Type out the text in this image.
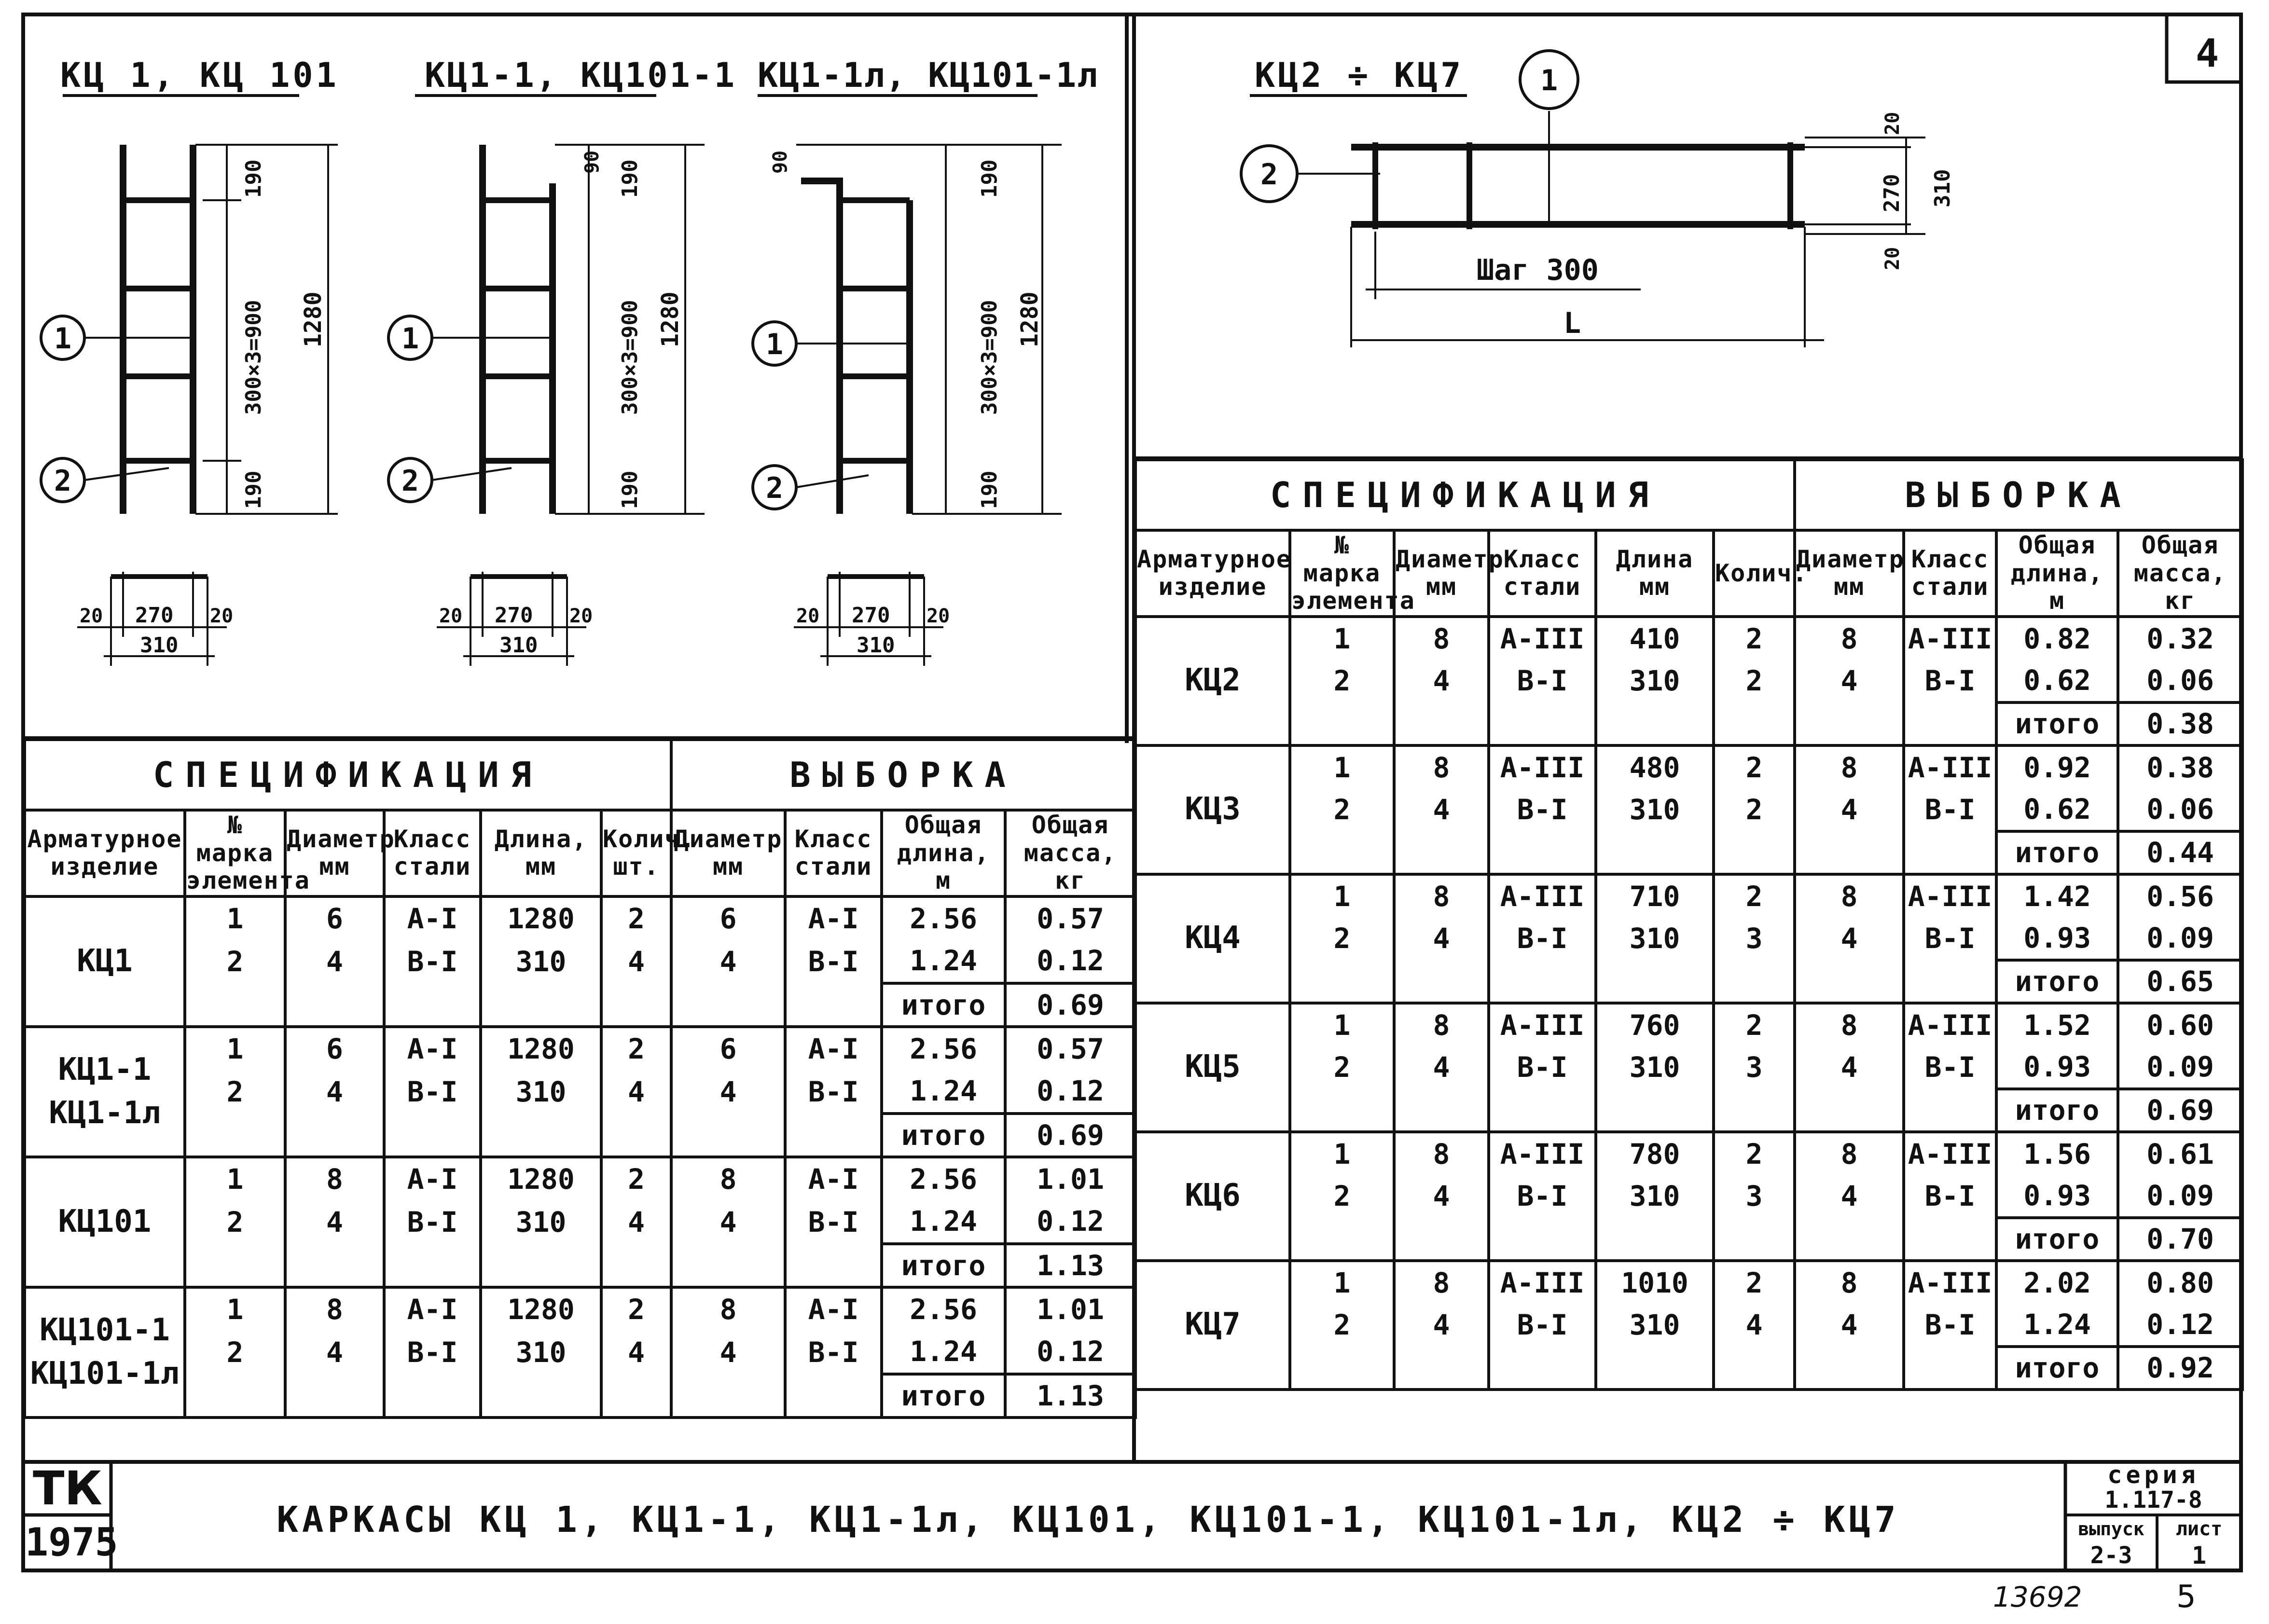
КЦ 1, КЦ 101	КЦ1-1, КЦ101-1 КЦ1-1л, КЦ101-1л	КЦ2 ÷ КЦ7
1
2
1
2
1
2
1
2
190
300×3=900
190
1280
90 190
300×3=900
190
1280
90	190
300×3=900
190
1280
20 270 20
310
20 270 20
310
20 270 20
310
20
270 310
20
Шаг 300
L
4
СПЕЦИФИКАЦИЯ						ВЫБОРКА			
Арматурное изделие	№ марка элемента	Диаметр мм	Класс стали	Длина, мм	Колич. шт.	Диаметр мм	Класс стали	Общая длина, м	Общая масса, кг
КЦ1	1	6	A-I	1280	2	6	A-I	2.56	0.57
	2	4	B-I	310	4	4	B-I	1.24	0.12
								итого	0.69
КЦ1-1 КЦ1-1л	1	6	A-I	1280	2	6	A-I	2.56	0.57
	2	4	B-I	310	4	4	B-I	1.24	0.12
								итого	0.69
КЦ101	1	8	A-I	1280	2	8	A-I	2.56	1.01
	2	4	B-I	310	4	4	B-I	1.24	0.12
								итого	1.13
КЦ101-1 КЦ101-1л	1	8	A-I	1280	2	8	A-I	2.56	1.01
	2	4	B-I	310	4	4	B-I	1.24	0.12
								итого	1.13
СПЕЦИФИКАЦИЯ						ВЫБОРКА			
Арматурное изделие	№ марка элемента	Диаметр мм	Класс стали	Длина мм	Колич.	Диаметр мм	Класс стали	Общая длина, м	Общая масса, кг
КЦ2	1	8	A-III	410	2	8	A-III	0.82	0.32
	2	4	B-I	310	2	4	B-I	0.62	0.06
								итого	0.38
КЦ3	1	8	A-III	480	2	8	A-III	0.92	0.38
	2	4	B-I	310	2	4	B-I	0.62	0.06
								итого	0.44
КЦ4	1	8	A-III	710	2	8	A-III	1.42	0.56
	2	4	B-I	310	3	4	B-I	0.93	0.09
								итого	0.65
КЦ5	1	8	A-III	760	2	8	A-III	1.52	0.60
	2	4	B-I	310	3	4	B-I	0.93	0.09
								итого	0.69
КЦ6	1	8	A-III	780	2	8	A-III	1.56	0.61
	2	4	B-I	310	3	4	B-I	0.93	0.09
								итого	0.70
КЦ7	1	8	A-III	1010	2	8	A-III	2.02	0.80
	2	4	B-I	310	4	4	B-I	1.24	0.12
								итого	0.92
ТК
1975	КАРКАСЫ КЦ 1, КЦ1-1, КЦ1-1л, КЦ101, КЦ101-1, КЦ101-1л, КЦ2 ÷ КЦ7
серия
1.117-8
выпуск
2-3
лист
1
13692	5
